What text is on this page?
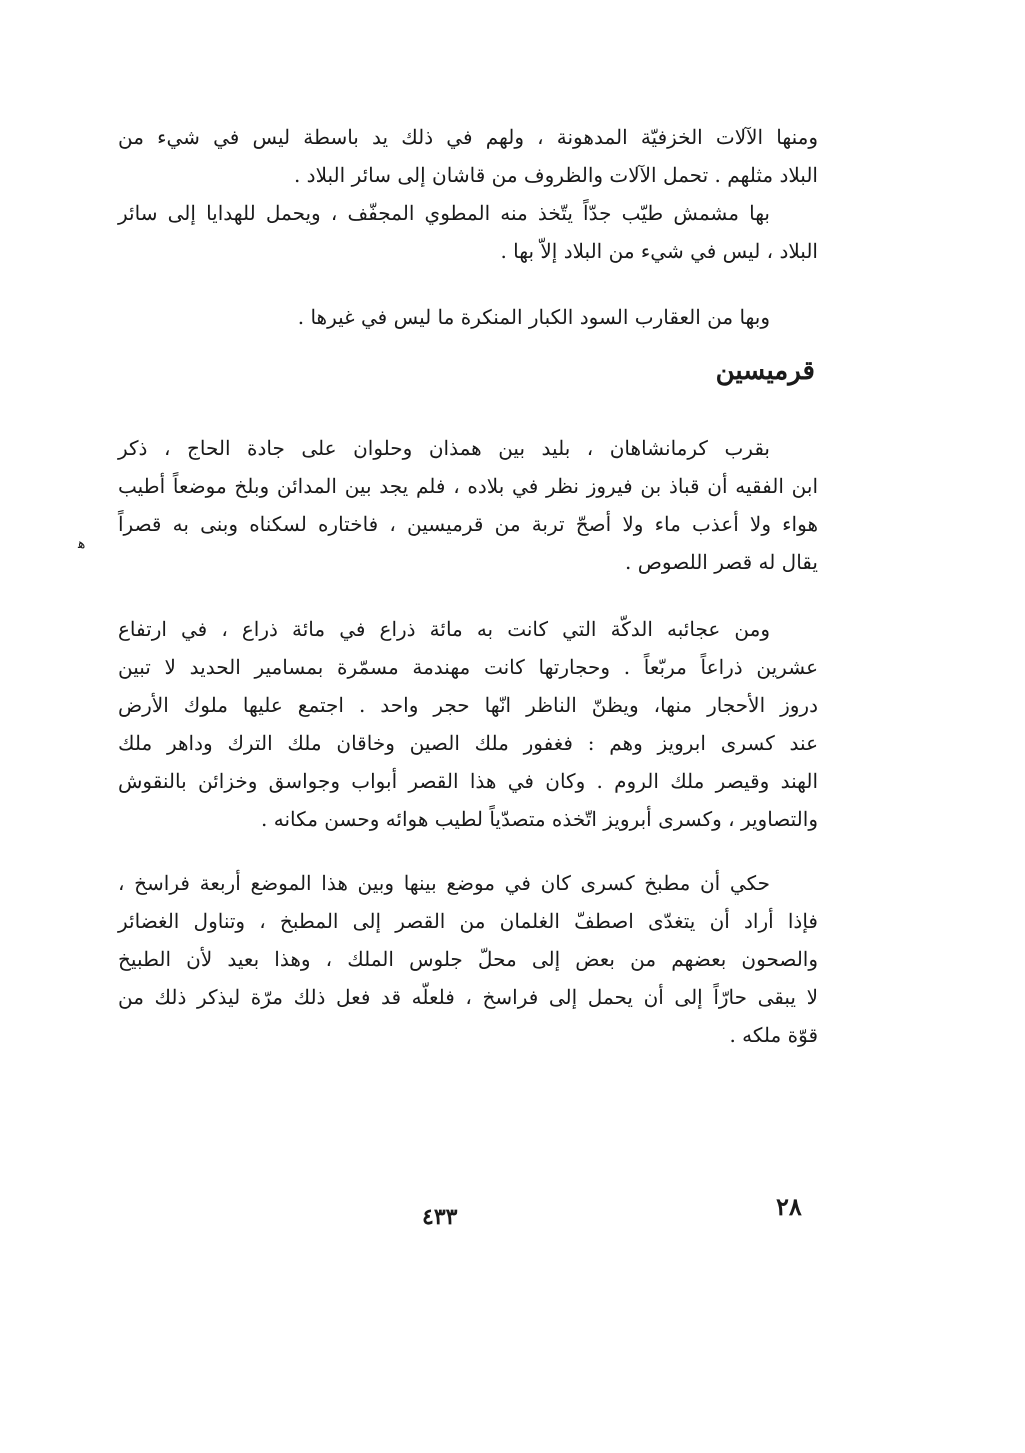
ومنها الآلات الخزفيّة المدهونة ، ولهم في ذلك يد باسطة ليس في شيء من
البلاد مثلهم . تحمل الآلات والظروف من قاشان إلى سائر البلاد .
بها مشمش طيّب جدّاً يتّخذ منه المطوي المجفّف ، ويحمل للهدايا إلى سائر
البلاد ، ليس في شيء من البلاد إلاّ بها .
وبها من العقارب السود الكبار المنكرة ما ليس في غيرها .
قرميسين
بقرب كرمانشاهان ، بليد بين همذان وحلوان على جادة الحاج ، ذكر
ابن الفقيه أن قباذ بن فيروز نظر في بلاده ، فلم يجد بين المدائن وبلخ موضعاً أطيب
هواء ولا أعذب ماء ولا أصحّ تربة من قرميسين ، فاختاره لسكناه وبنى به قصراً
يقال له قصر اللصوص .
ﻫ
ومن عجائبه الدكّة التي كانت به مائة ذراع في مائة ذراع ، في ارتفاع
عشرين ذراعاً مربّعاً . وحجارتها كانت مهندمة مسمّرة بمسامير الحديد لا تبين
دروز الأحجار منها، ويظنّ الناظر انّها حجر واحد . اجتمع عليها ملوك الأرض
عند كسرى ابرويز وهم : فغفور ملك الصين وخاقان ملك الترك وداهر ملك
الهند وقيصر ملك الروم . وكان في هذا القصر أبواب وجواسق وخزائن بالنقوش
والتصاوير ، وكسرى أبرويز اتّخذه متصدّياً لطيب هوائه وحسن مكانه .
حكي أن مطبخ كسرى كان في موضع بينها وبين هذا الموضع أربعة فراسخ ،
فإذا أراد أن يتغدّى اصطفّ الغلمان من القصر إلى المطبخ ، وتناول الغضائر
والصحون بعضهم من بعض إلى محلّ جلوس الملك ، وهذا بعيد لأن الطبيخ
لا يبقى حارّاً إلى أن يحمل إلى فراسخ ، فلعلّه قد فعل ذلك مرّة ليذكر ذلك من
قوّة ملكه .
٤٣٣	٢٨
